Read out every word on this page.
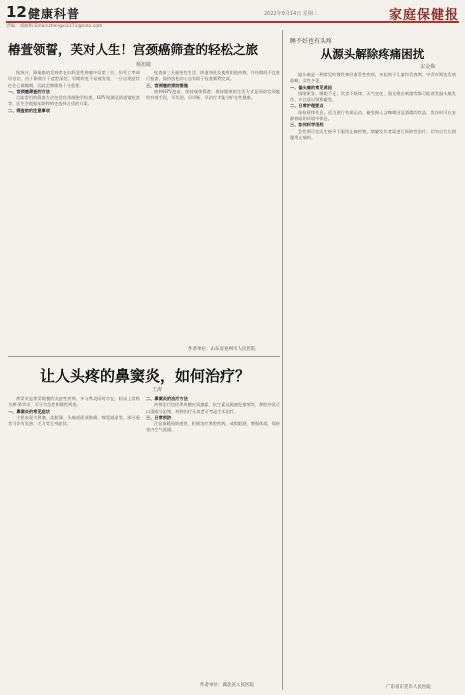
12 健康科普	2022年9月14日 星期三	家庭保健报
责编：刘丽娟 Email:zhengxi1171@sina.com
椿萱领誓，芙对人生！宫颈癌筛查的轻松之旅
杨旭敏

据统计，卵巢癌的发病率在妇科恶性肿瘤中居第三位，但死亡率却居首位，由于卵巢位于盆腔深处，早期病变不易被发现，一旦出现症状往往已属晚期，因此定期筛查十分重要。

一、宫颈癌筛查的方法

目前常用的筛查方法包括宫颈细胞学检查、HPV检测及阴道镜检查等，医生会根据年龄和病史选择合适的方案。

二、筛查前的注意事项

检查前三天避免性生活、阴道冲洗及使用阴道药物，月经期间不宜进行检查，保持放松的心态有助于检查顺利完成。

三、宫颈癌的预防措施

接种HPV疫苗、坚持规律筛查、保持健康的生活方式是预防宫颈癌的有效手段，早发现、早诊断、早治疗才能守护女性健康。

作者单位：山东省兖州市人民医院
让人头疼的鼻窦炎，如何治疗？
王涛

鼻窦炎是鼻窦黏膜的炎症性疾病，多与鼻炎同时存在，临床上常称为鼻-鼻窦炎，可分为急性和慢性两类。

一、鼻窦炎的常见症状

主要表现为鼻塞、流脓涕、头痛或面部胀痛、嗅觉减退等，部分患者可伴有发热、乏力等全身症状。

二、鼻窦炎的治疗方法

药物治疗包括鼻用糖皮质激素、抗生素及黏液促排剂等，鼻腔冲洗可以清除分泌物，药物治疗无效者可考虑手术治疗。

三、日常预防

注意保暖预防感冒，积极治疗鼻腔疾病，戒烟限酒，增强体质，保持室内空气流通。

作者单位：湖北省人民医院
睡不好也有头疼
从源头解除疼痛困扰
宋金梅

偏头痛是一种常见的慢性神经血管性疾病，多起病于儿童和青春期，中青年期达发病高峰，女性多见。

一、偏头痛的常见诱因

情绪紧张、睡眠不足、饮食不规律、天气变化、强光噪音刺激等都可能诱发偏头痛发作，应注意识别和避免。

二、日常护理要点

保持规律作息，适当进行有氧运动，避免摄入含咖啡因及酒精的饮品，发作时可在安静昏暗的环境中休息。

三、如何科学用药

急性期可在医生指导下服用止痛药物，频繁发作者需进行预防性治疗，切勿自行长期滥用止痛药。

广东省东莞市人民医院
